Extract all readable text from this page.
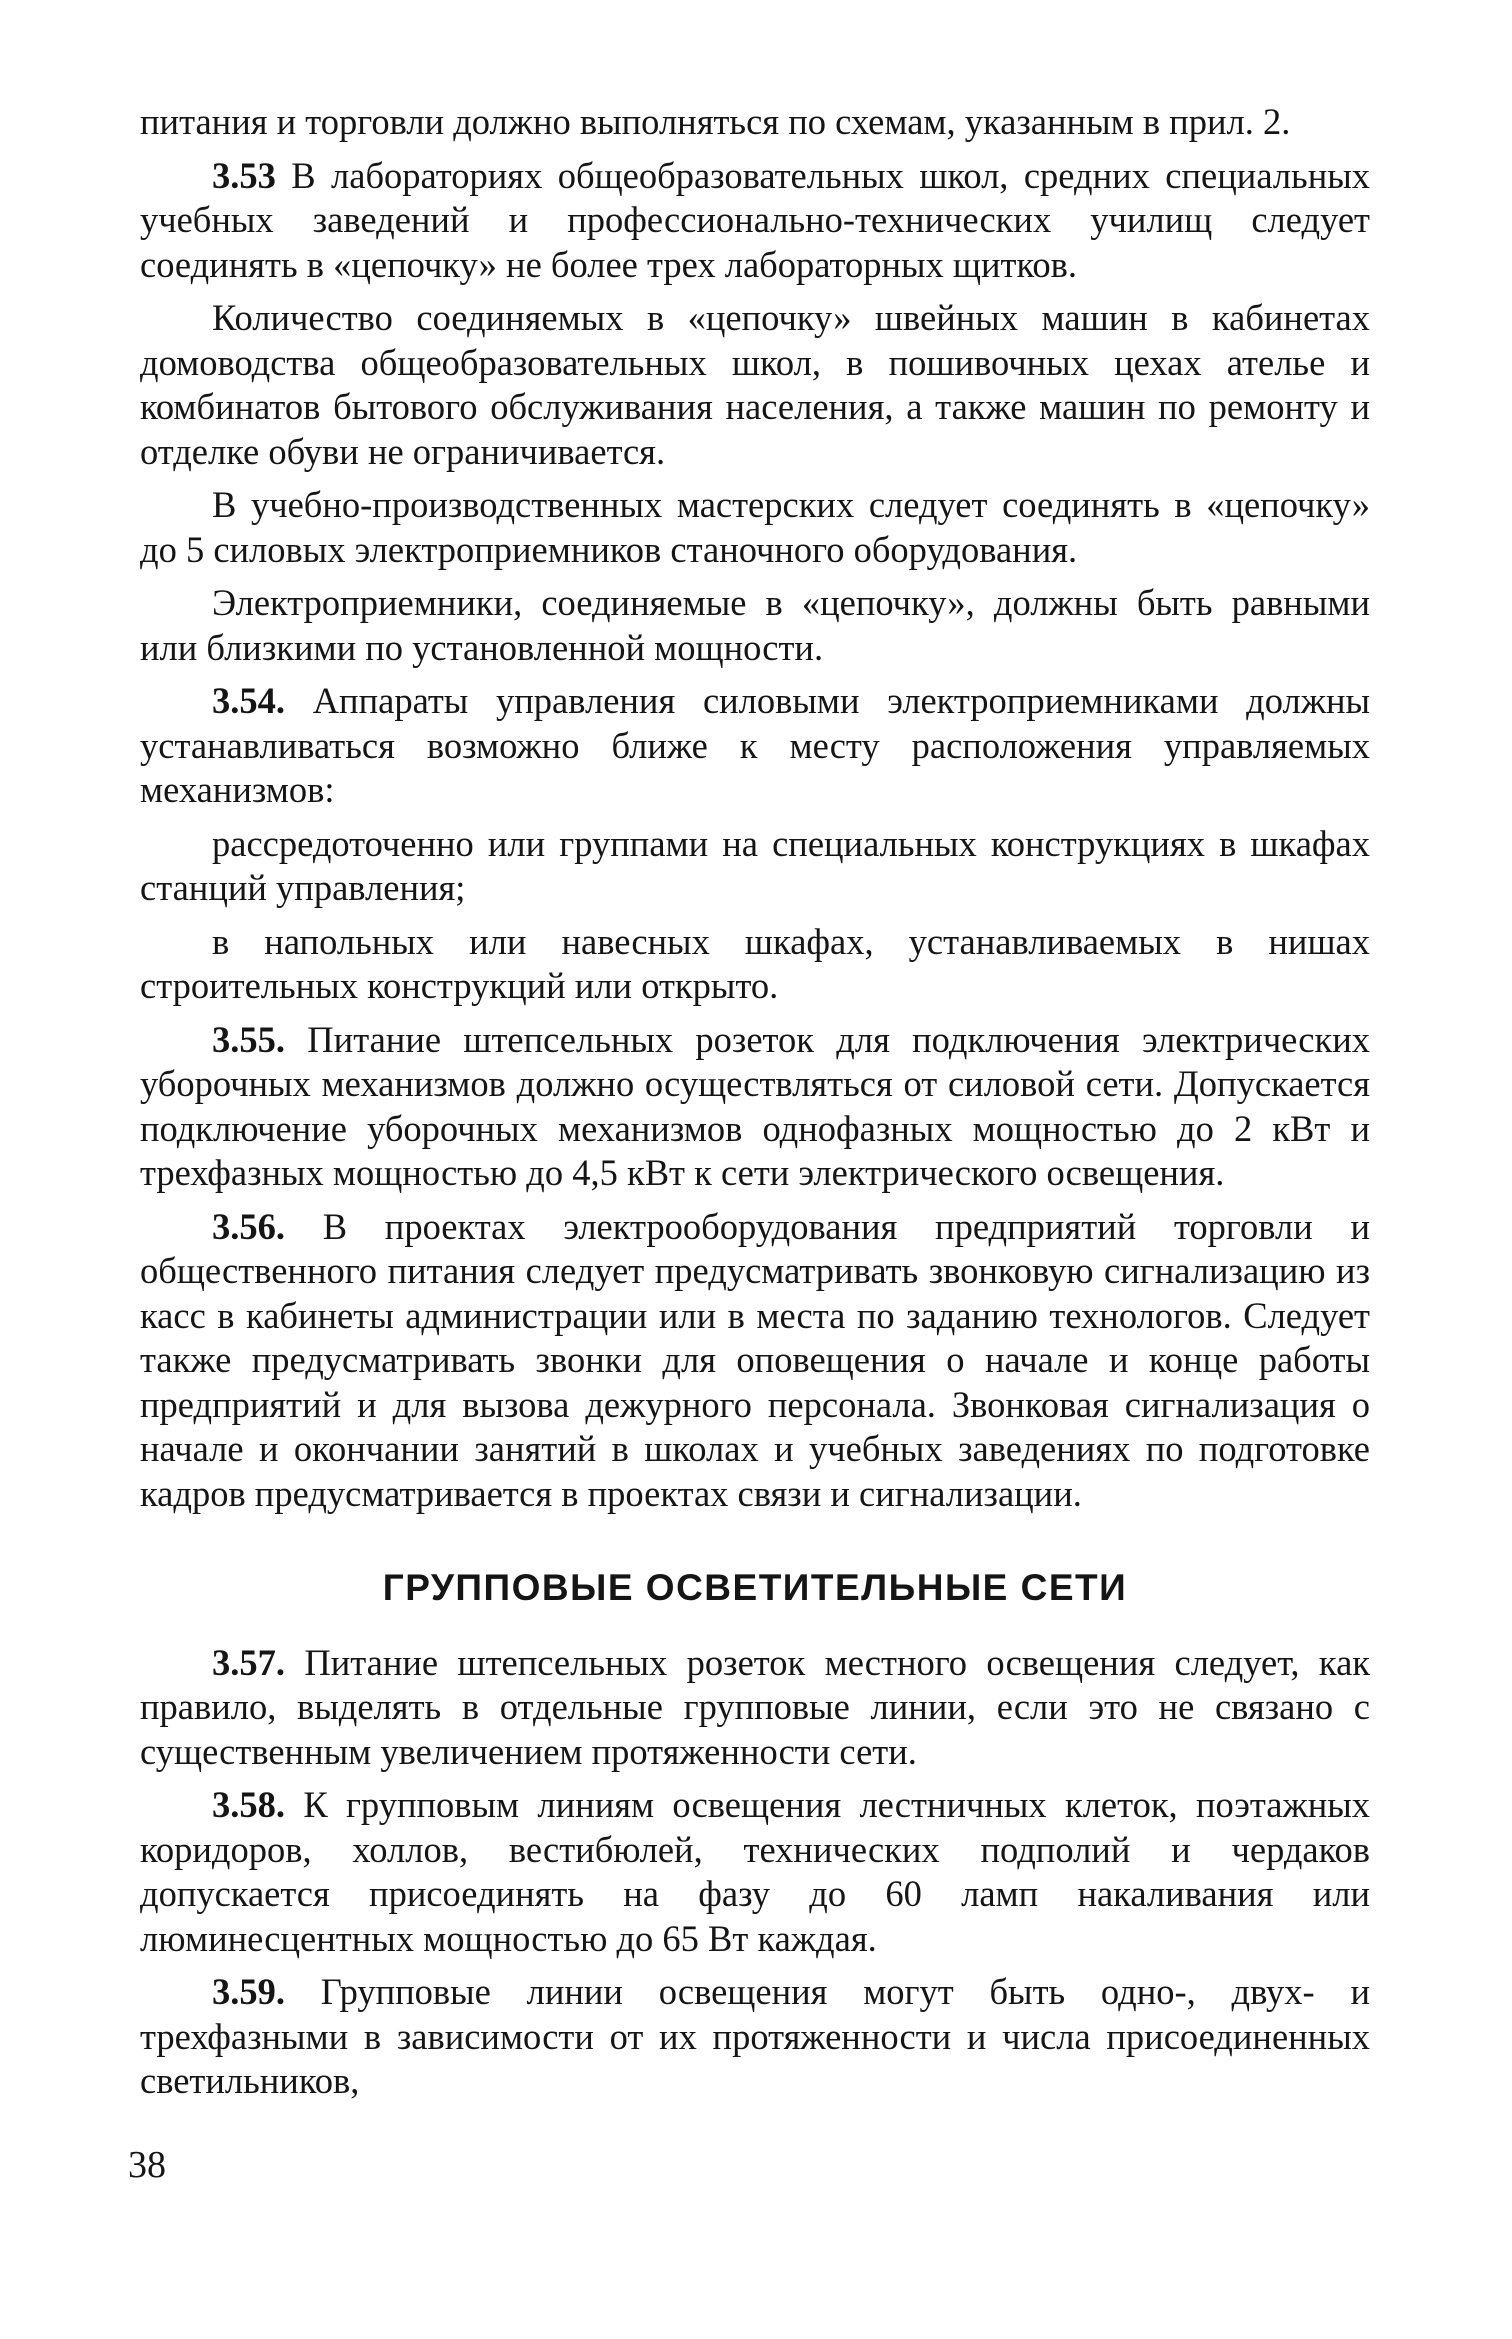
питания и торговли должно выполняться по схемам, указанным в прил. 2.

3.53 В лабораториях общеобразовательных школ, средних специальных учебных заведений и профессионально-технических училищ следует соединять в «цепочку» не более трех лабораторных щитков.

Количество соединяемых в «цепочку» швейных машин в кабинетах домоводства общеобразовательных школ, в пошивочных цехах ателье и комбинатов бытового обслуживания населения, а также машин по ремонту и отделке обуви не ограничивается.

В учебно-производственных мастерских следует соединять в «цепочку» до 5 силовых электроприемников станочного оборудования.

Электроприемники, соединяемые в «цепочку», должны быть равными или близкими по установленной мощности.

3.54. Аппараты управления силовыми электроприемниками должны устанавливаться возможно ближе к месту расположения управляемых механизмов:

рассредоточенно или группами на специальных конструкциях в шкафах станций управления;

в напольных или навесных шкафах, устанавливаемых в нишах строительных конструкций или открыто.

3.55. Питание штепсельных розеток для подключения электрических уборочных механизмов должно осуществляться от силовой сети. Допускается подключение уборочных механизмов однофазных мощностью до 2 кВт и трехфазных мощностью до 4,5 кВт к сети электрического освещения.

3.56. В проектах электрооборудования предприятий торговли и общественного питания следует предусматривать звонковую сигнализацию из касс в кабинеты администрации или в места по заданию технологов. Следует также предусматривать звонки для оповещения о начале и конце работы предприятий и для вызова дежурного персонала. Звонковая сигнализация о начале и окончании занятий в школах и учебных заведениях по подготовке кадров предусматривается в проектах связи и сигнализации.

ГРУППОВЫЕ ОСВЕТИТЕЛЬНЫЕ СЕТИ

3.57. Питание штепсельных розеток местного освещения следует, как правило, выделять в отдельные групповые линии, если это не связано с существенным увеличением протяженности сети.

3.58. К групповым линиям освещения лестничных клеток, поэтажных коридоров, холлов, вестибюлей, технических подполий и чердаков допускается присоединять на фазу до 60 ламп накаливания или люминесцентных мощностью до 65 Вт каждая.

3.59. Групповые линии освещения могут быть одно-, двух- и трехфазными в зависимости от их протяженности и числа присоединенных светильников,

38
